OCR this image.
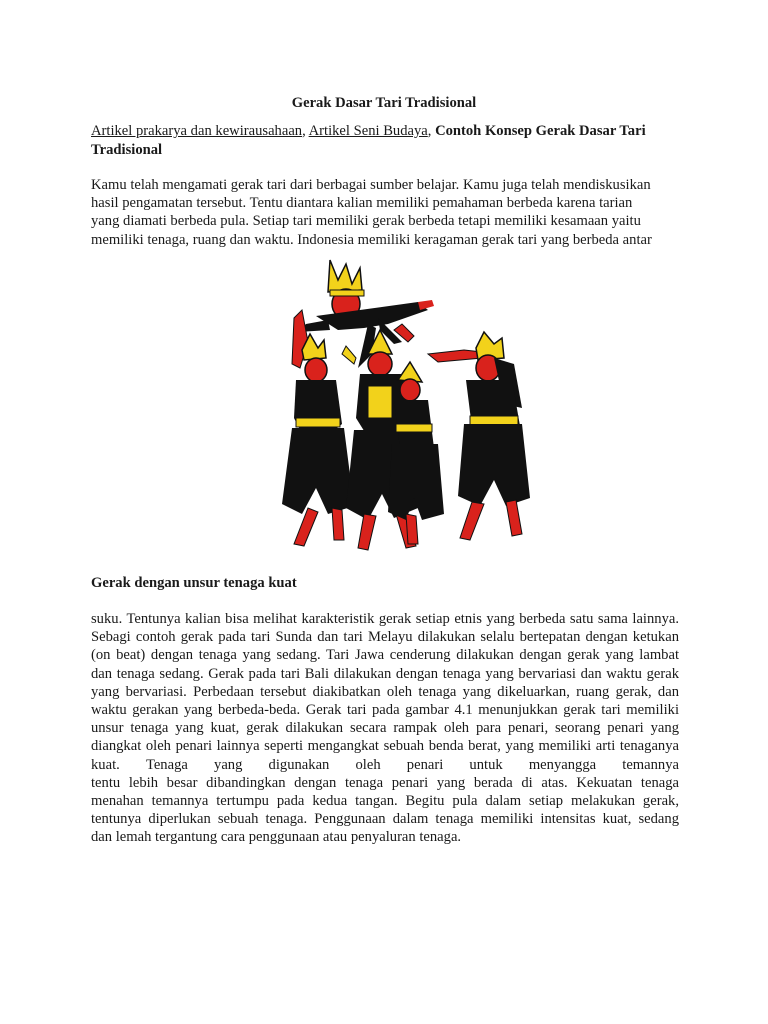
Gerak Dasar Tari Tradisional
Artikel prakarya dan kewirausahaan, Artikel Seni Budaya, Contoh Konsep Gerak Dasar Tari
Tradisional

Kamu telah mengamati gerak tari dari berbagai sumber belajar. Kamu juga telah mendiskusikan

hasil pengamatan tersebut. Tentu diantara kalian memiliki pemahaman berbeda karena tarian

yang diamati berbeda pula. Setiap tari memiliki gerak berbeda tetapi memiliki kesamaan yaitu

memiliki tenaga, ruang dan waktu. Indonesia memiliki keragaman gerak tari yang berbeda antar

Gerak dengan unsur tenaga kuat
suku. Tentunya kalian bisa melihat karakteristik gerak setiap etnis yang berbeda satu sama lainnya.
Sebagi contoh gerak pada tari Sunda dan tari Melayu dilakukan selalu bertepatan dengan ketukan
(on beat) dengan tenaga yang sedang. Tari Jawa cenderung dilakukan dengan gerak yang lambat
dan tenaga sedang. Gerak pada tari Bali dilakukan dengan tenaga yang bervariasi dan waktu gerak
yang bervariasi. Perbedaan tersebut diakibatkan oleh tenaga yang dikeluarkan, ruang gerak, dan
waktu gerakan yang berbeda-beda. Gerak tari pada gambar 4.1 menunjukkan gerak tari memiliki
unsur tenaga yang kuat, gerak dilakukan secara rampak oleh para penari, seorang penari yang
diangkat oleh penari lainnya seperti mengangkat sebuah benda berat, yang memiliki arti tenaganya
kuat. Tenaga yang digunakan oleh penari untuk menyangga temannya
tentu lebih besar dibandingkan dengan tenaga penari yang berada di atas. Kekuatan tenaga
menahan temannya tertumpu pada kedua tangan. Begitu pula dalam setiap melakukan gerak,
tentunya diperlukan sebuah tenaga. Penggunaan dalam tenaga memiliki intensitas kuat, sedang
dan lemah tergantung cara penggunaan atau penyaluran tenaga.
